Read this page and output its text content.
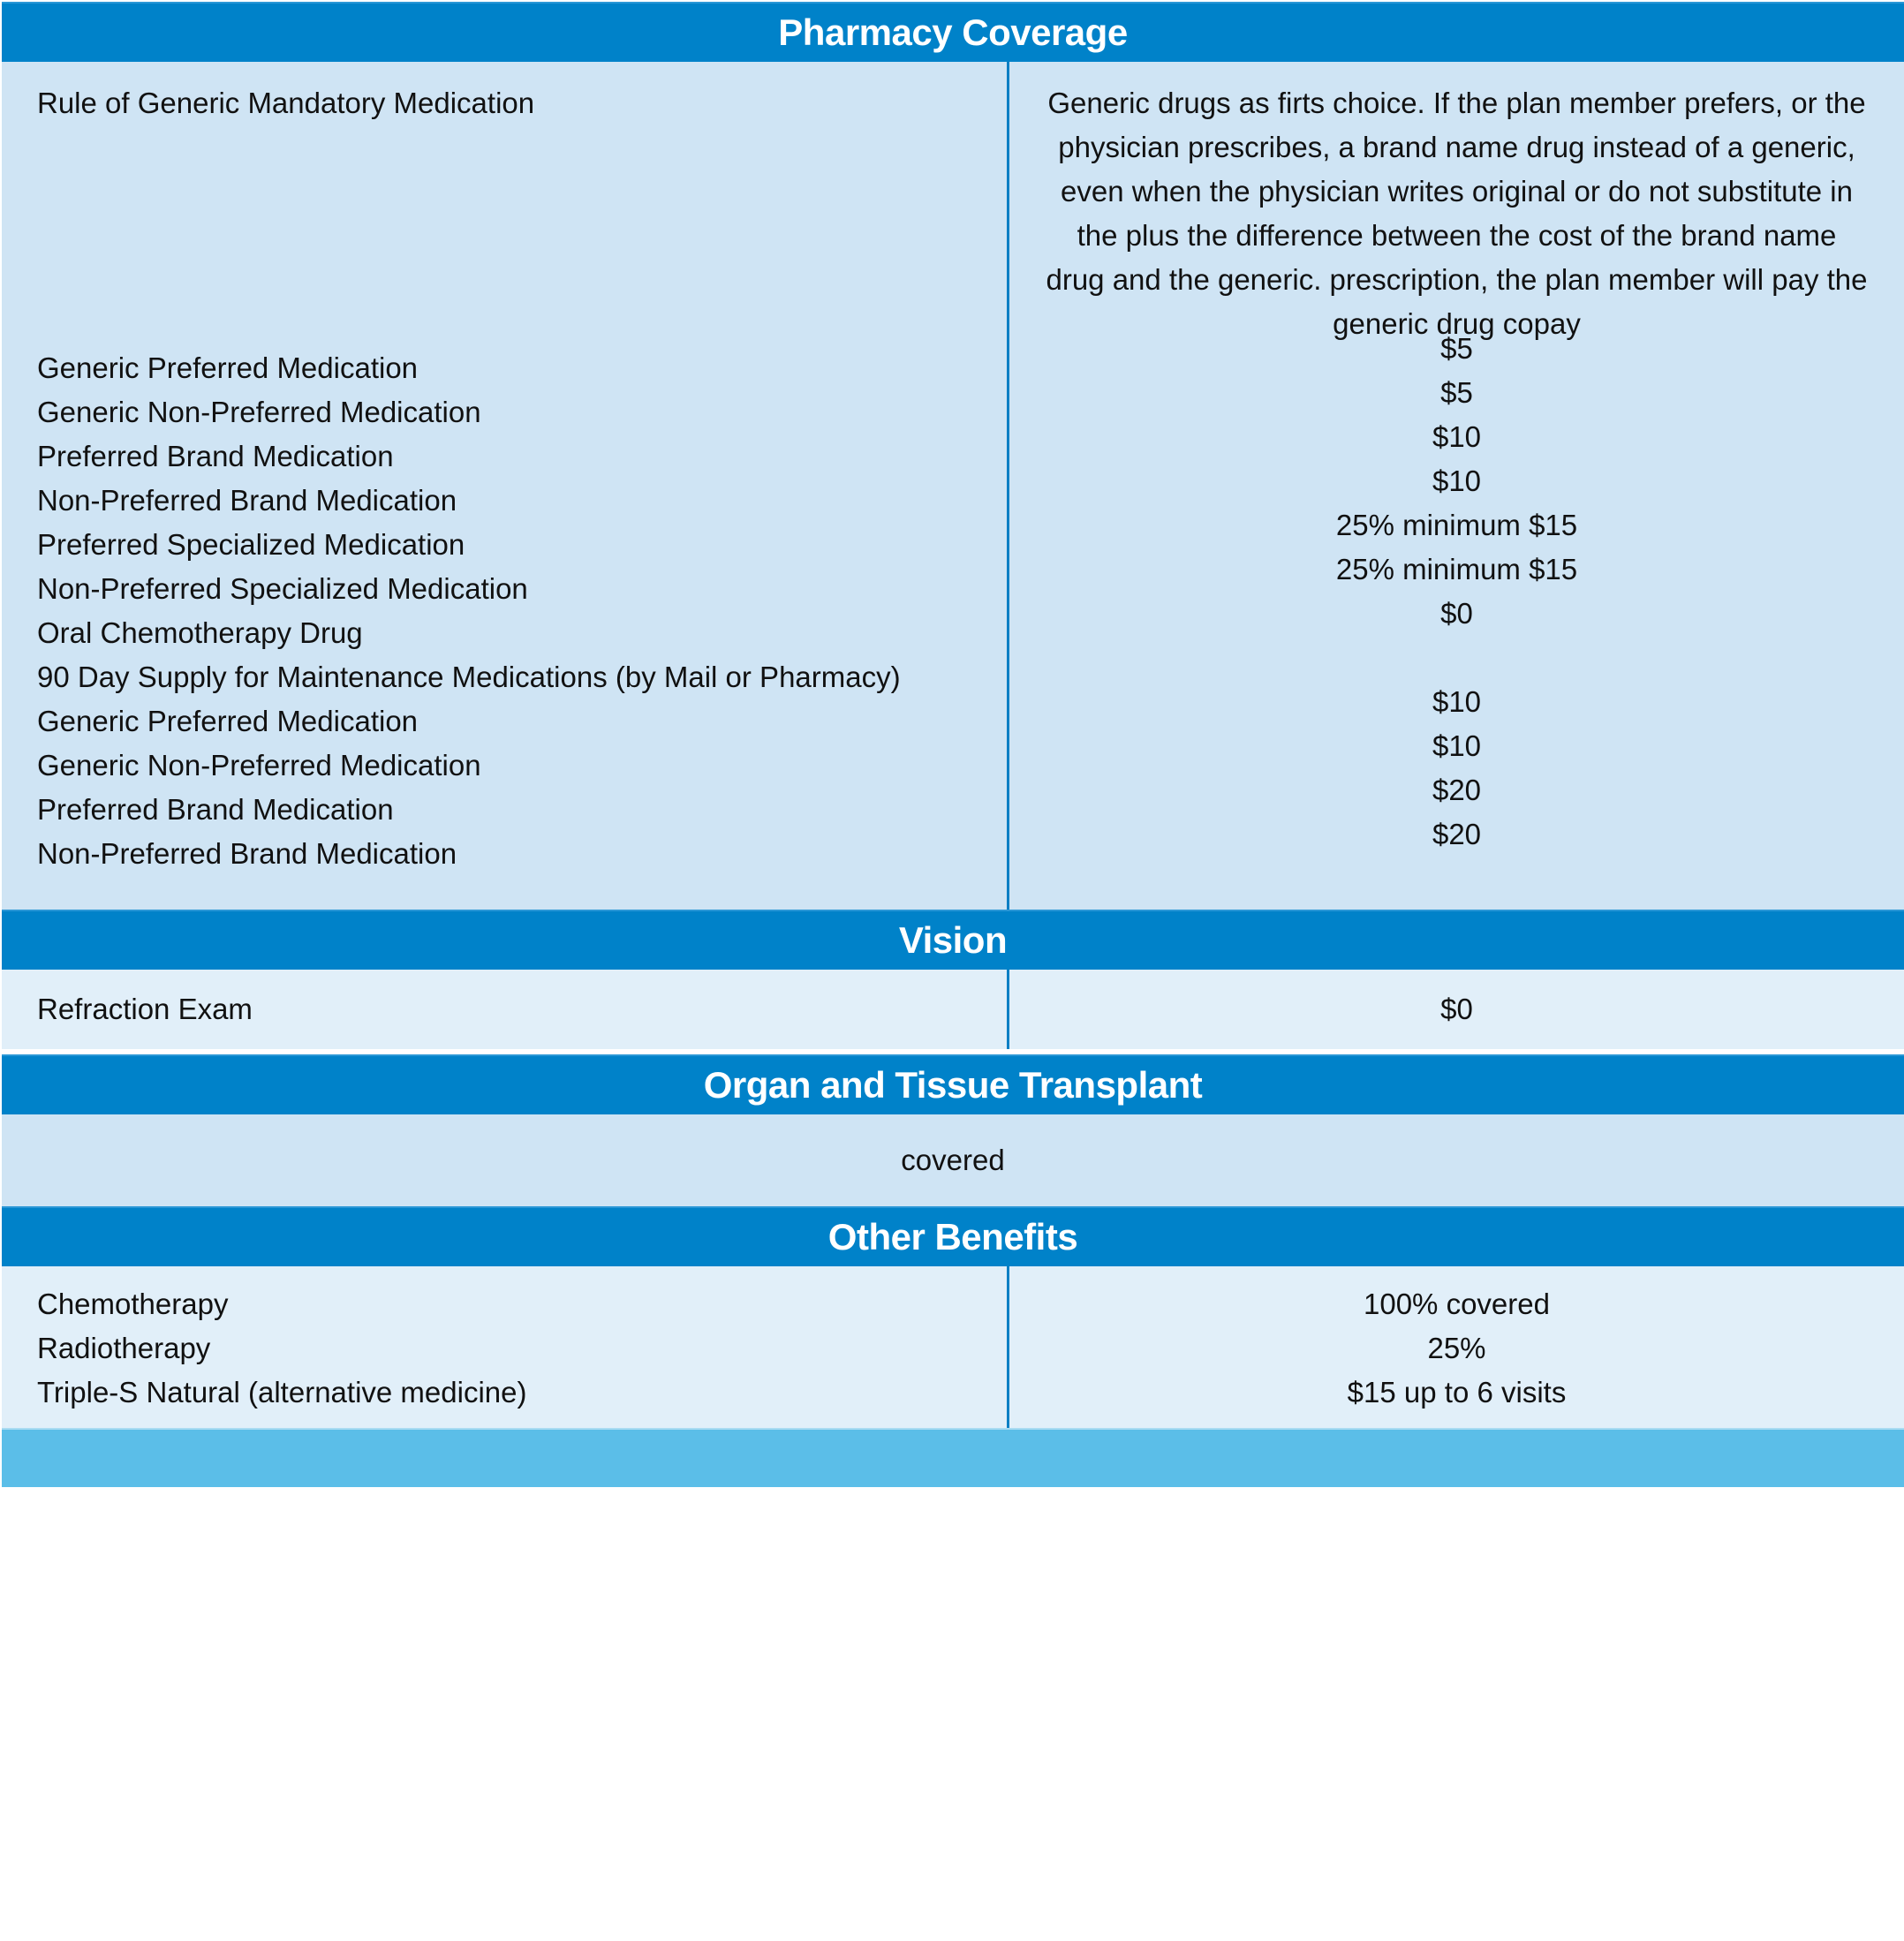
Pharmacy Coverage
Rule of Generic Mandatory Medication
Generic Preferred Medication
Generic Non-Preferred Medication
Preferred Brand Medication
Non-Preferred Brand Medication
Preferred Specialized Medication
Non-Preferred Specialized Medication
Oral Chemotherapy Drug
90 Day Supply for Maintenance Medications (by Mail or Pharmacy)
Generic Preferred Medication
Generic Non-Preferred Medication
Preferred Brand Medication
Non-Preferred Brand Medication
Generic drugs as firts choice. If the plan member prefers, or the physician prescribes, a brand name drug instead of a generic, even when the physician writes original or do not substitute in the plus the difference between the cost of the brand name drug and the generic. prescription, the plan member will pay the generic drug copay
$5
$5
$10
$10
25% minimum $15
25% minimum $15
$0
$10
$10
$20
$20
Vision
Refraction Exam	$0
Organ and Tissue Transplant
covered
Other Benefits
Chemotherapy
Radiotherapy
Triple-S Natural (alternative medicine)
100% covered
25%
$15 up to 6 visits
